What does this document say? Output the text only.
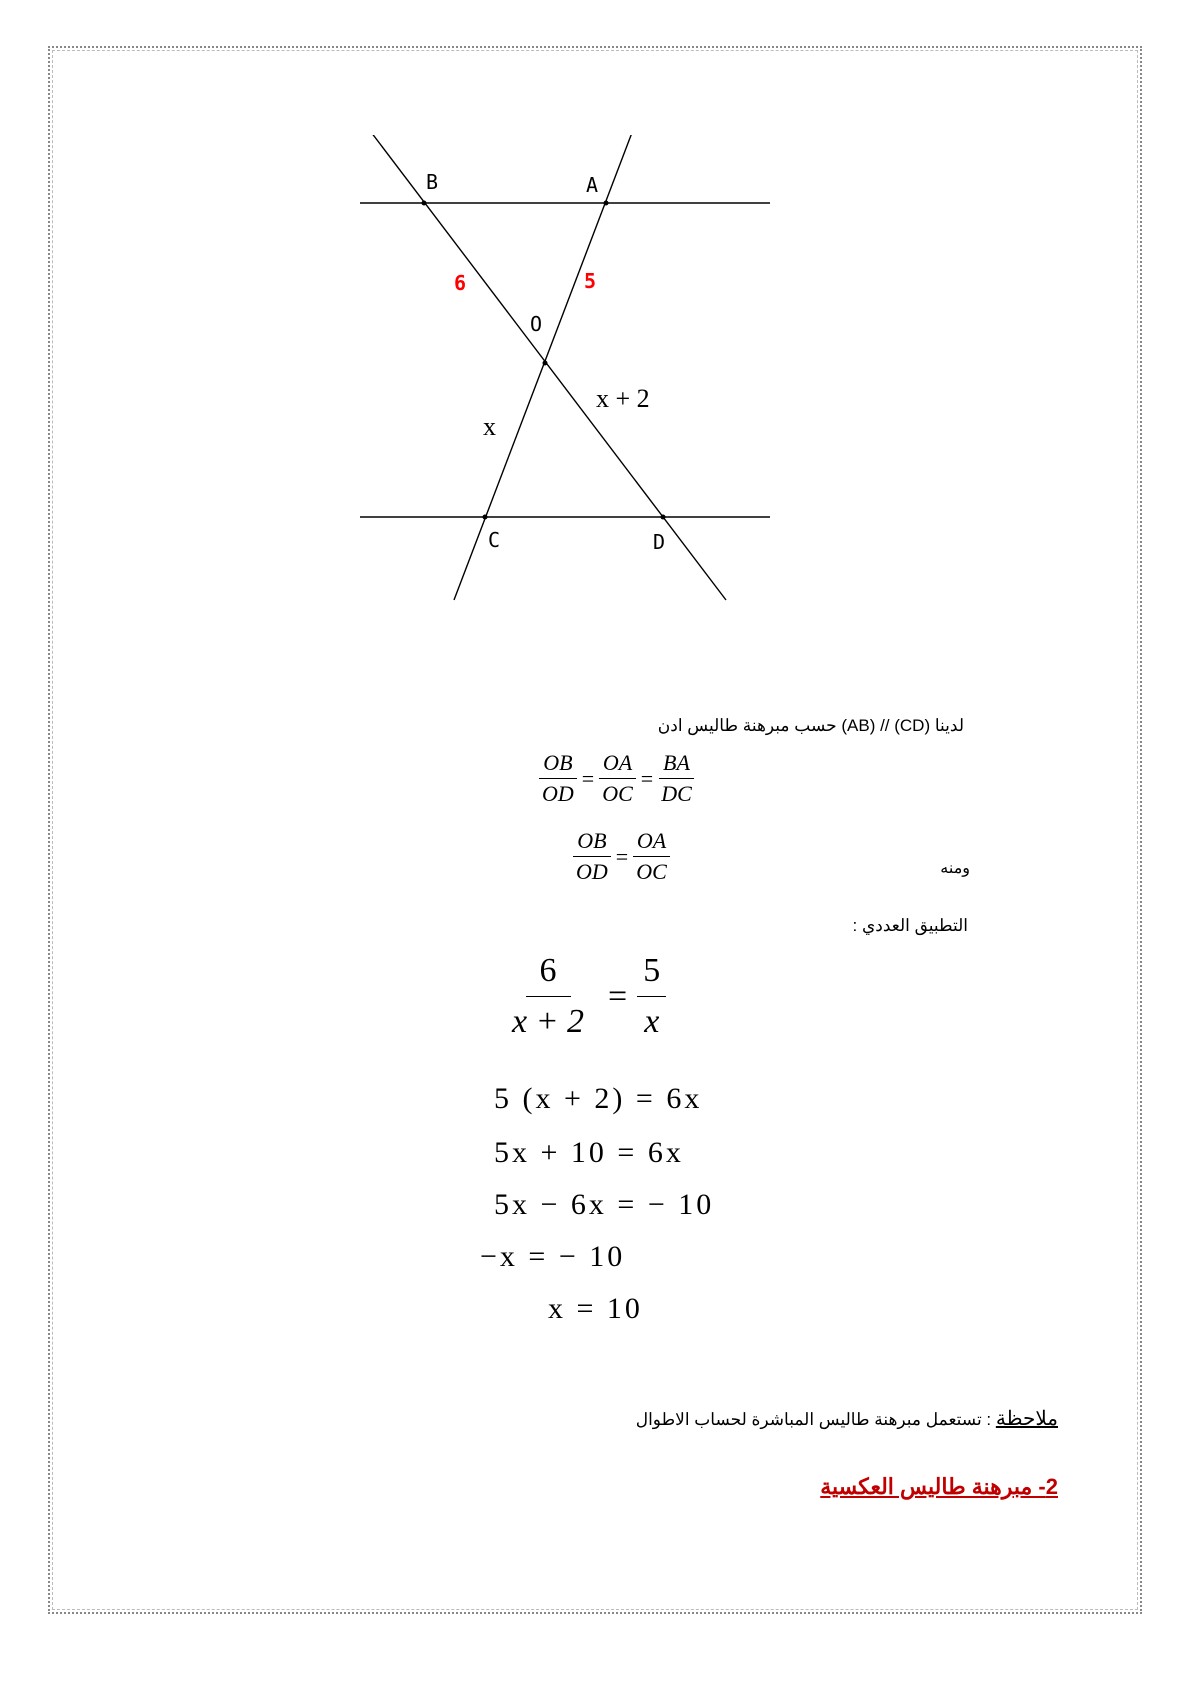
B	A
O
C	D
6	5
x
x + 2
لدينا (CD) // (AB) حسب مبرهنة طاليس ادن
$\frac{OB}{OD} = \frac{OA}{OC} = \frac{BA}{DC}$
ومنه
$\frac{OB}{OD} = \frac{OA}{OC}$
التطبيق العددي :
$\frac{6}{x + 2} = \frac{5}{x}$
5 (x + 2) = 6x
5x + 10 = 6x
5x − 6x = − 10
−x = − 10
x = 10
ملاحظة : تستعمل مبرهنة طاليس المباشرة لحساب الاطوال
2- مبرهنة طاليس العكسية
